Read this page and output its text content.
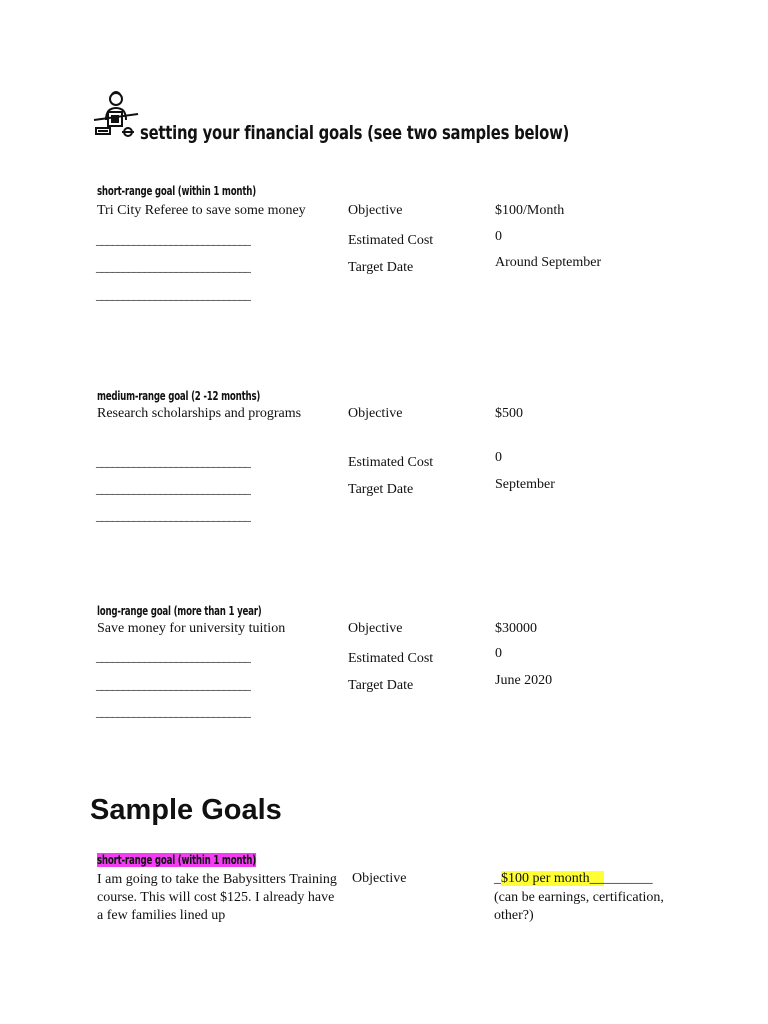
setting your financial goals (see two samples below)
short-range goal (within 1 month)
Tri City Referee to save some money
_____________________________
_____________________________
_____________________________
Objective
Estimated Cost
Target Date
$100/Month
0
Around September
medium-range goal (2 -12 months)
Research scholarships and programs
_____________________________
_____________________________
_____________________________
Objective
Estimated Cost
Target Date
$500
0
September
long-range goal (more than 1 year)
Save money for university tuition
_____________________________
_____________________________
_____________________________
Objective
Estimated Cost
Target Date
$30000
0
June 2020
Sample Goals
short-range goal (within 1 month)
I am going to take the Babysitters Training course. This will cost $125. I already have a few families lined up
Objective	_$100 per month_________
(can be earnings, certification, other?)
